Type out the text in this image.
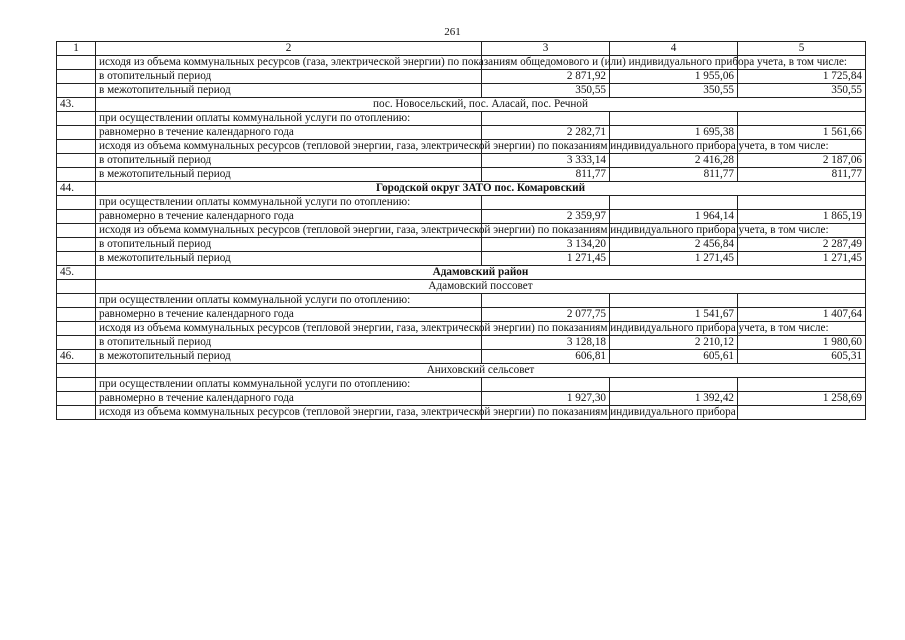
261
1	2	3	4	5
	исходя из объема коммунальных ресурсов (газа, электрической энергии) по показаниям общедомового и (или) индивидуального прибора учета, в том числе:			
	в отопительный период	2 871,92	1 955,06	1 725,84
	в межотопительный период	350,55	350,55	350,55
43.	пос. Новосельский, пос. Аласай, пос. Речной			
	при осуществлении оплаты коммунальной услуги по отоплению:			
	равномерно в течение календарного года	2 282,71	1 695,38	1 561,66
	исходя из объема коммунальных ресурсов (тепловой энергии, газа, электрической энергии) по показаниям индивидуального прибора учета, в том числе:			
	в отопительный период	3 333,14	2 416,28	2 187,06
	в межотопительный период	811,77	811,77	811,77
44.	Городской округ ЗАТО пос. Комаровский			
	при осуществлении оплаты коммунальной услуги по отоплению:			
	равномерно в течение календарного года	2 359,97	1 964,14	1 865,19
	исходя из объема коммунальных ресурсов (тепловой энергии, газа, электрической энергии) по показаниям индивидуального прибора учета, в том числе:			
	в отопительный период	3 134,20	2 456,84	2 287,49
	в межотопительный период	1 271,45	1 271,45	1 271,45
45.	Адамовский район			
	Адамовский поссовет			
	при осуществлении оплаты коммунальной услуги по отоплению:			
	равномерно в течение календарного года	2 077,75	1 541,67	1 407,64
	исходя из объема коммунальных ресурсов (тепловой энергии, газа, электрической энергии) по показаниям индивидуального прибора учета, в том числе:			
	в отопительный период	3 128,18	2 210,12	1 980,60
46.	в межотопительный период	606,81	605,61	605,31
	Аниховский сельсовет			
	при осуществлении оплаты коммунальной услуги по отоплению:			
	равномерно в течение календарного года	1 927,30	1 392,42	1 258,69
	исходя из объема коммунальных ресурсов (тепловой энергии, газа, электрической энергии) по показаниям индивидуального прибора			
